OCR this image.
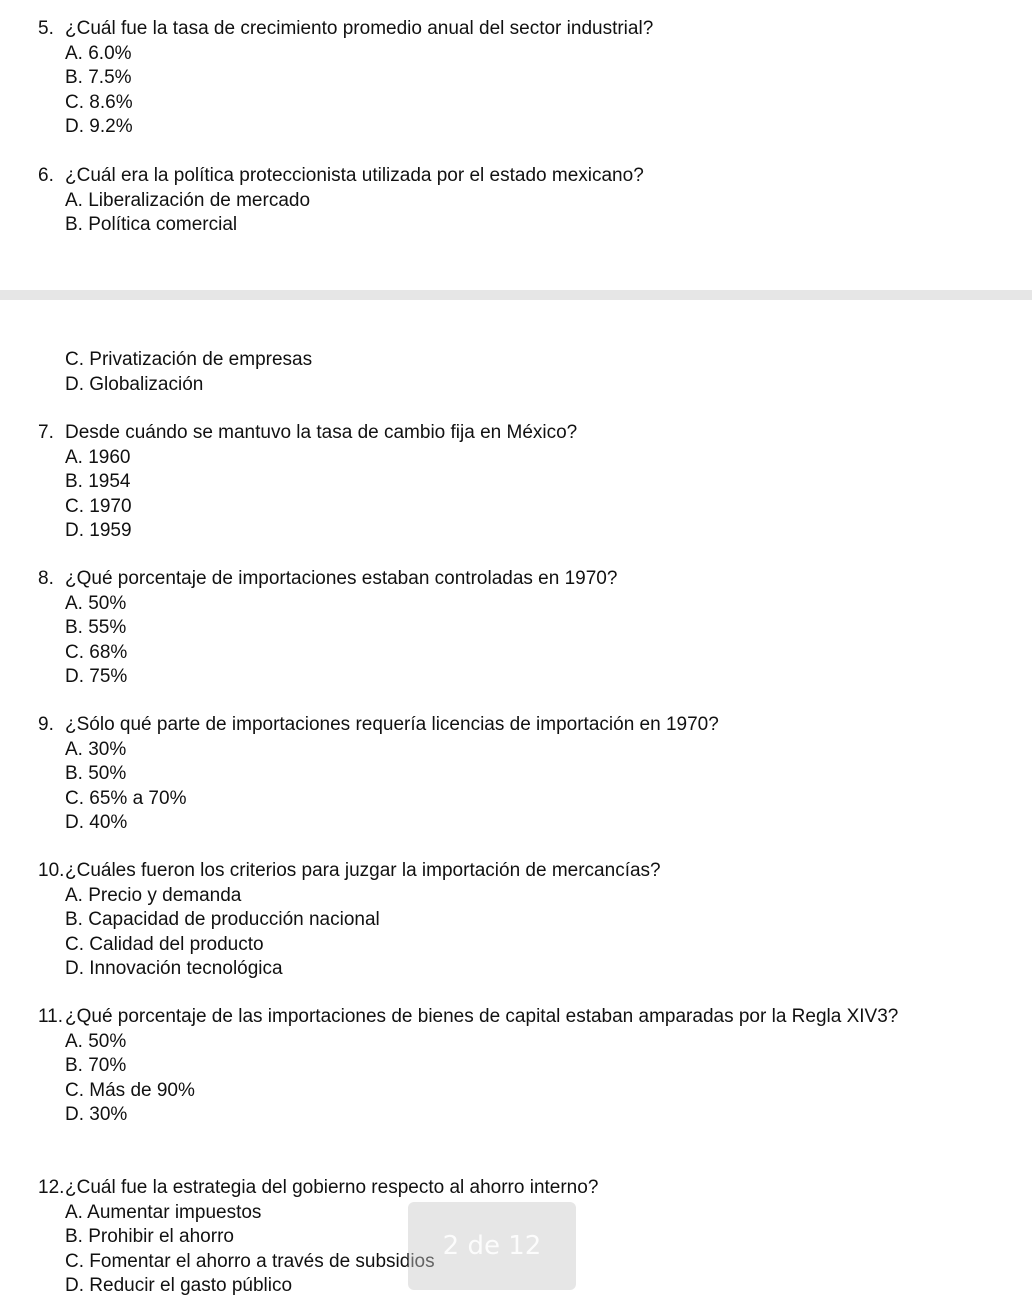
5. ¿Cuál fue la tasa de crecimiento promedio anual del sector industrial?
A. 6.0%
B. 7.5%
C. 8.6%
D. 9.2%
6. ¿Cuál era la política proteccionista utilizada por el estado mexicano?
A. Liberalización de mercado
B. Política comercial
C. Privatización de empresas
D. Globalización
7. Desde cuándo se mantuvo la tasa de cambio fija en México?
A. 1960
B. 1954
C. 1970
D. 1959
8. ¿Qué porcentaje de importaciones estaban controladas en 1970?
A. 50%
B. 55%
C. 68%
D. 75%
9. ¿Sólo qué parte de importaciones requería licencias de importación en 1970?
A. 30%
B. 50%
C. 65% a 70%
D. 40%
10. ¿Cuáles fueron los criterios para juzgar la importación de mercancías?
A. Precio y demanda
B. Capacidad de producción nacional
C. Calidad del producto
D. Innovación tecnológica
11. ¿Qué porcentaje de las importaciones de bienes de capital estaban amparadas por la Regla XIV3?
A. 50%
B. 70%
C. Más de 90%
D. 30%
12. ¿Cuál fue la estrategia del gobierno respecto al ahorro interno?
A. Aumentar impuestos
B. Prohibir el ahorro
C. Fomentar el ahorro a través de subsidios
D. Reducir el gasto público
2 de 12
